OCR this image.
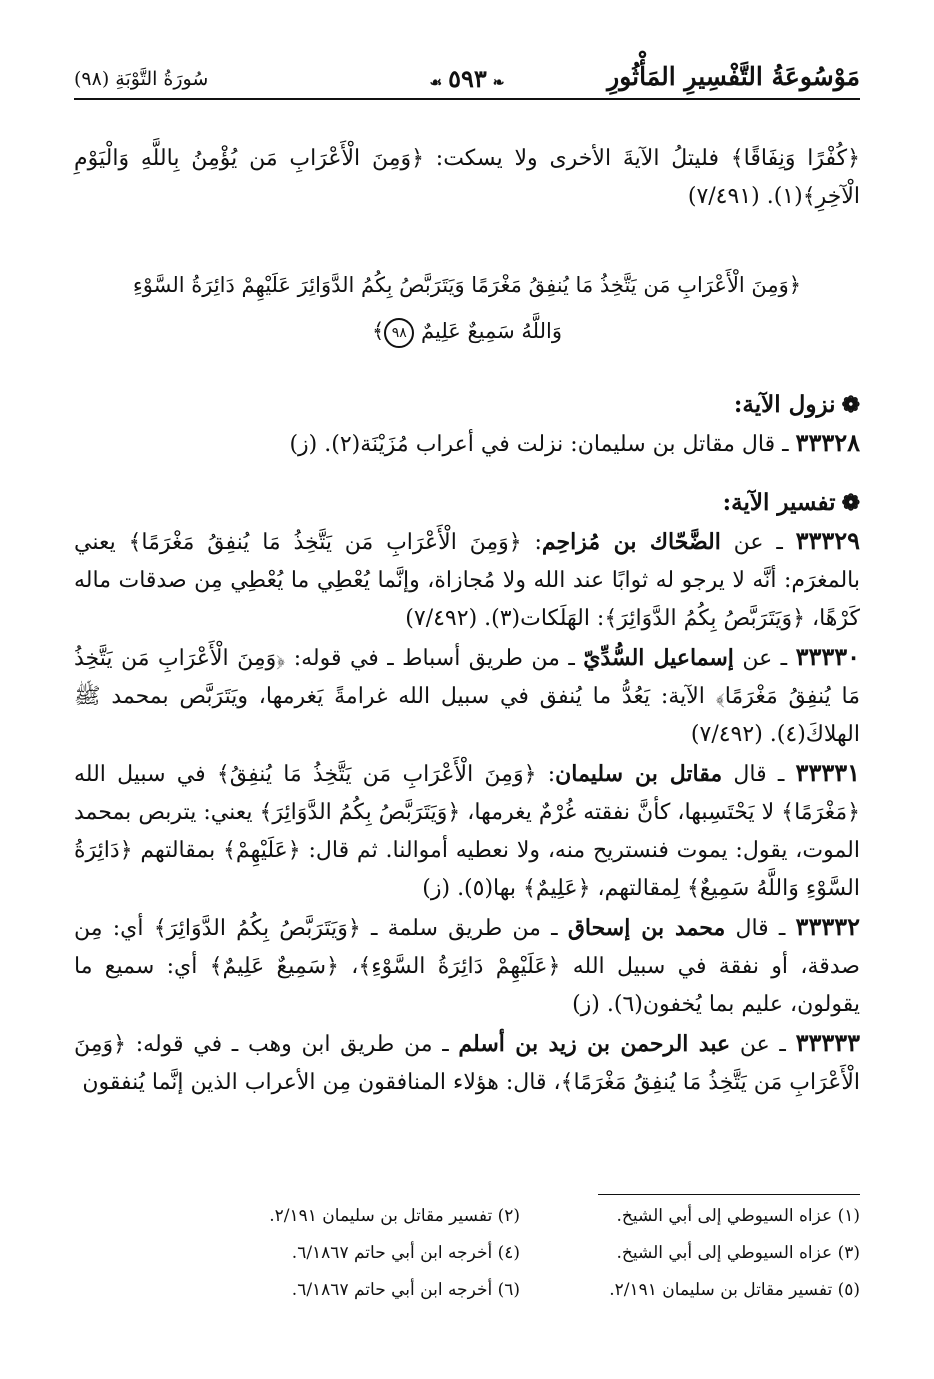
مَوْسُوعَةُ التَّفْسِيرِ المَأْثُورِ
❧٥٩٣☙
سُورَةُ التَّوْبَةِ (٩٨)

﴿كُفْرًا وَنِفَاقًا﴾ فليتلُ الآيةَ الأخرى ولا يسكت: ﴿وَمِنَ الْأَعْرَابِ مَن يُؤْمِنُ بِاللَّهِ وَالْيَوْمِ الْآخِرِ﴾(١). (٧/٤٩١)

﴿وَمِنَ الْأَعْرَابِ مَن يَتَّخِذُ مَا يُنفِقُ مَغْرَمًا وَيَتَرَبَّصُ بِكُمُ الدَّوَائِرَ عَلَيْهِمْ دَائِرَةُ السَّوْءِ
وَاللَّهُ سَمِيعٌ عَلِيمٌ ٩٨﴾
❁نزول الآية:

٣٣٣٢٨ ـ قال مقاتل بن سليمان: نزلت في أعراب مُزَيْنَة(٢). (ز)

❁تفسير الآية:

٣٣٣٢٩ ـ عن الضَّحّاك بن مُزاحِم: ﴿وَمِنَ الْأَعْرَابِ مَن يَتَّخِذُ مَا يُنفِقُ مَغْرَمًا﴾ يعني بالمغرَم: أنَّه لا يرجو له ثوابًا عند الله ولا مُجازاة، وإنَّما يُعْطِي ما يُعْطِي مِن صدقات ماله كَرْهًا، ﴿وَيَتَرَبَّصُ بِكُمُ الدَّوَائِرَ﴾: الهَلَكات(٣). (٧/٤٩٢)

٣٣٣٣٠ ـ عن إسماعيل السُّدِّيّ ـ من طريق أسباط ـ في قوله: ﴿وَمِنَ الْأَعْرَابِ مَن يَتَّخِذُ مَا يُنفِقُ مَغْرَمًا﴾ الآية: يَعُدُّ ما يُنفق في سبيل الله غرامةً يَغرمها، ويَتَرَبَّص بمحمد ﷺ الهلاكَ(٤). (٧/٤٩٢)

٣٣٣٣١ ـ قال مقاتل بن سليمان: ﴿وَمِنَ الْأَعْرَابِ مَن يَتَّخِذُ مَا يُنفِقُ﴾ في سبيل الله ﴿مَغْرَمًا﴾ لا يَحْتَسِبها، كأنَّ نفقته غُرْمٌ يغرمها، ﴿وَيَتَرَبَّصُ بِكُمُ الدَّوَائِرَ﴾ يعني: يتربص بمحمد الموت، يقول: يموت فنستريح منه، ولا نعطيه أموالنا. ثم قال: ﴿عَلَيْهِمْ﴾ بمقالتهم ﴿دَائِرَةُ السَّوْءِ وَاللَّهُ سَمِيعٌ﴾ لِمقالتهم، ﴿عَلِيمٌ﴾ بها(٥). (ز)

٣٣٣٣٢ ـ قال محمد بن إسحاق ـ من طريق سلمة ـ ﴿وَيَتَرَبَّصُ بِكُمُ الدَّوَائِرَ﴾ أي: مِن صدقة، أو نفقة في سبيل الله ﴿عَلَيْهِمْ دَائِرَةُ السَّوْءِ﴾، ﴿سَمِيعٌ عَلِيمٌ﴾ أي: سميع ما يقولون، عليم بما يُخفون(٦). (ز)

٣٣٣٣٣ ـ عن عبد الرحمن بن زيد بن أسلم ـ من طريق ابن وهب ـ في قوله: ﴿وَمِنَ الْأَعْرَابِ مَن يَتَّخِذُ مَا يُنفِقُ مَغْرَمًا﴾، قال: هؤلاء المنافقون مِن الأعراب الذين إنَّما يُنفقون

(١) عزاه السيوطي إلى أبي الشيخ.
(٣) عزاه السيوطي إلى أبي الشيخ.
(٥) تفسير مقاتل بن سليمان ٢/١٩١.
(٢) تفسير مقاتل بن سليمان ٢/١٩١.
(٤) أخرجه ابن أبي حاتم ٦/١٨٦٧.
(٦) أخرجه ابن أبي حاتم ٦/١٨٦٧.
